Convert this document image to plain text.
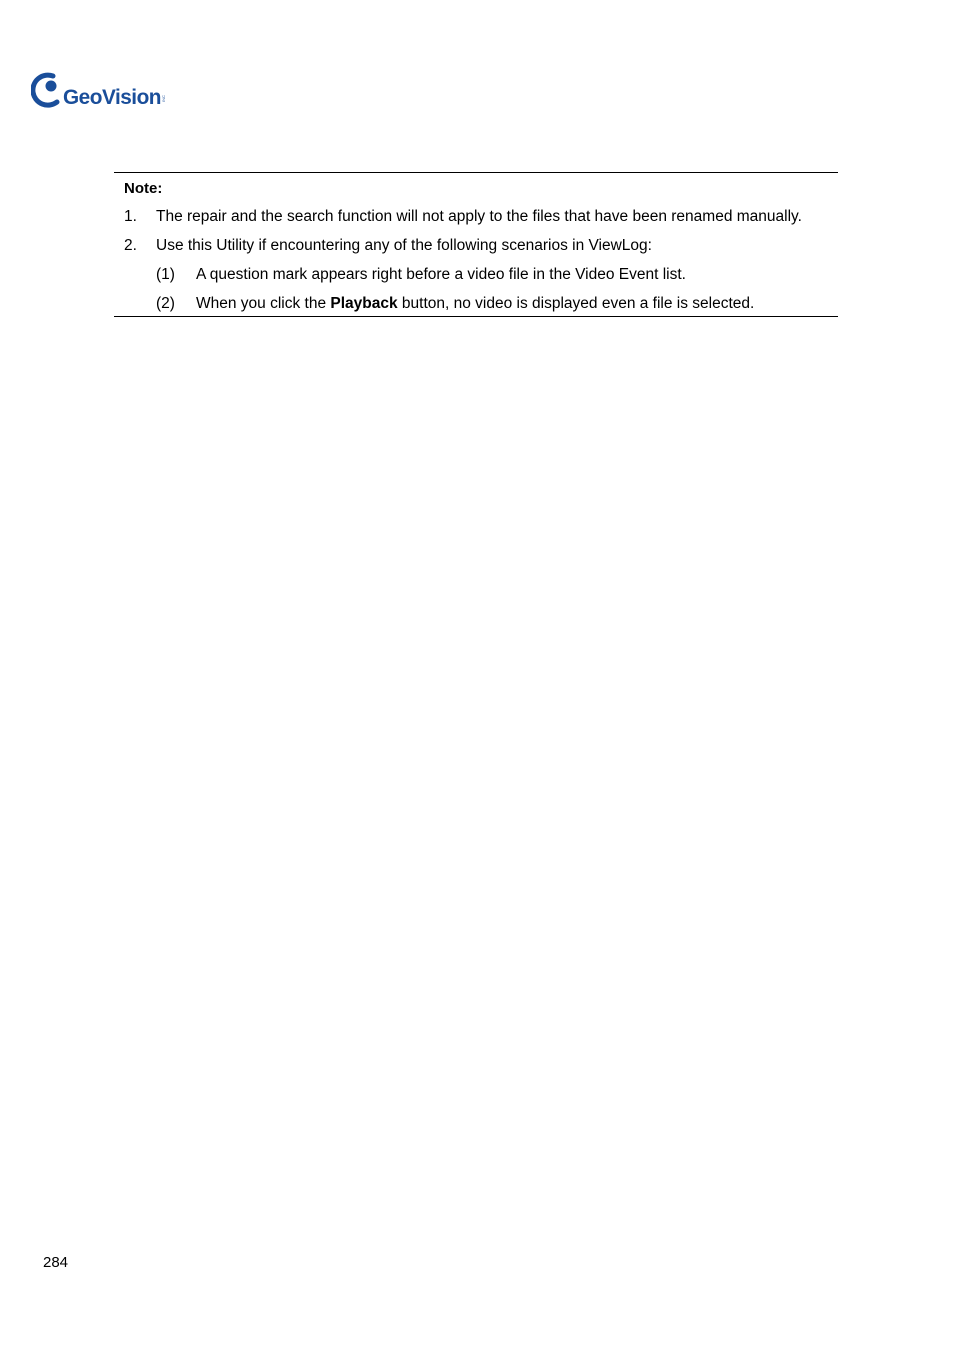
GeoVision INC
Note:
1. The repair and the search function will not apply to the files that have been renamed manually.
2. Use this Utility if encountering any of the following scenarios in ViewLog:
(1) A question mark appears right before a video file in the Video Event list.
(2) When you click the Playback button, no video is displayed even a file is selected.
284
